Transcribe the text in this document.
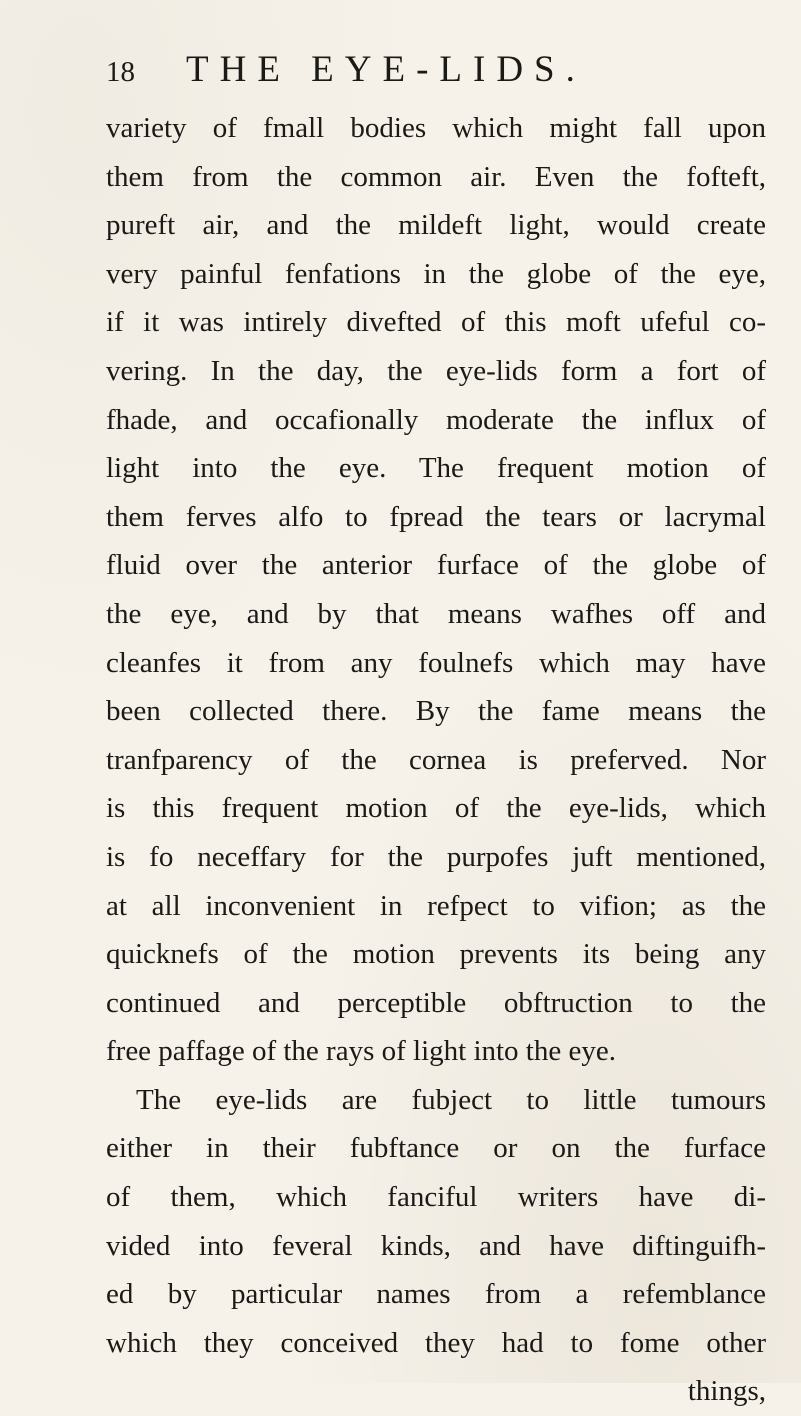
18	THE EYE-LIDS.
variety of fmall bodies which might fall upon
them from the common air. Even the fofteft,
pureft air, and the mildeft light, would create
very painful fenfations in the globe of the eye,
if it was intirely divefted of this moft ufeful co-
vering. In the day, the eye-lids form a fort of
fhade, and occafionally moderate the influx of
light into the eye. The frequent motion of
them ferves alfo to fpread the tears or lacrymal
fluid over the anterior furface of the globe of
the eye, and by that means wafhes off and
cleanfes it from any foulnefs which may have
been collected there. By the fame means the
tranfparency of the cornea is preferved. Nor
is this frequent motion of the eye-lids, which
is fo neceffary for the purpofes juft mentioned,
at all inconvenient in refpect to vifion; as the
quicknefs of the motion prevents its being any
continued and perceptible obftruction to the
free paffage of the rays of light into the eye.
The eye-lids are fubject to little tumours
either in their fubftance or on the furface
of them, which fanciful writers have di-
vided into feveral kinds, and have diftinguifh-
ed by particular names from a refemblance
which they conceived they had to fome other
things,
